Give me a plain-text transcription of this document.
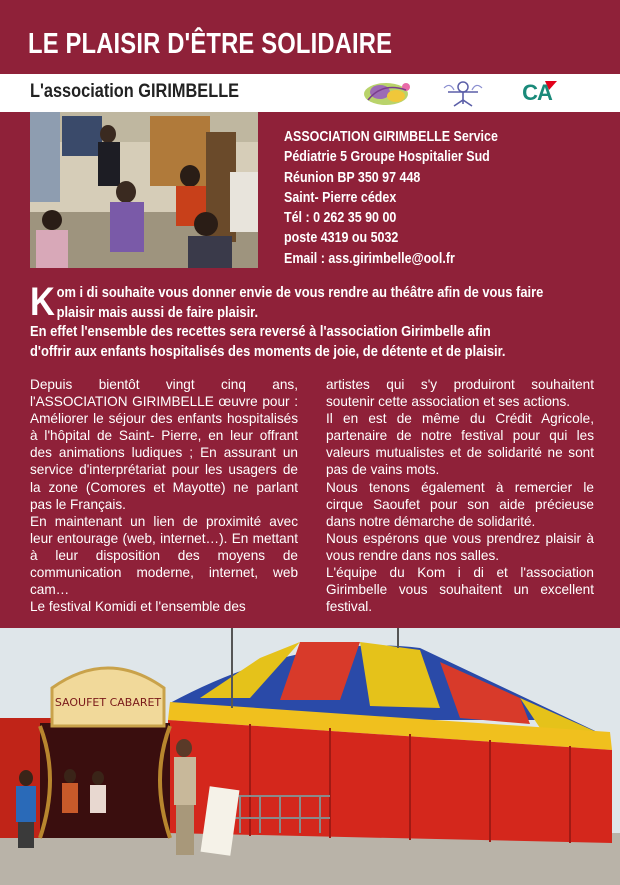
LE PLAISIR D'ÊTRE SOLIDAIRE
L'association GIRIMBELLE	CA
ASSOCIATION GIRIMBELLE Service
Pédiatrie 5 Groupe Hospitalier Sud
Réunion BP 350 97 448
Saint- Pierre cédex
Tél : 0 262 35 90 00
poste 4319 ou 5032
Email : ass.girimbelle@ool.fr
K om i di souhaite vous donner envie de vous rendre au théâtre afin de vous faire
plaisir mais aussi de faire plaisir.
En effet l'ensemble des recettes sera reversé à l'association Girimbelle afin
d'offrir aux enfants hospitalisés des moments de joie, de détente et de plaisir.

Depuis bientôt vingt cinq ans, l'ASSOCIATION GIRIMBELLE œuvre pour : Améliorer le séjour des enfants hospitalisés à l'hôpital de Saint- Pierre, en leur offrant des animations ludiques ; En assurant un service d'interprétariat pour les usagers de la zone (Comores et Mayotte) ne parlant pas le Français.

En maintenant un lien de proximité avec leur entourage (web, internet…). En mettant à leur disposition des moyens de communication moderne, internet, web cam…

Le festival Komidi et l'ensemble des

artistes qui s'y produiront souhaitent soutenir cette association et ses actions.

Il en est de même du Crédit Agricole, partenaire de notre festival pour qui les valeurs mutualistes et de solidarité ne sont pas de vains mots.

Nous tenons également à remercier le cirque Saoufet pour son aide précieuse dans notre démarche de solidarité.

Nous espérons que vous prendrez plaisir à vous rendre dans nos salles.

L'équipe du Kom i di et l'association Girimbelle vous souhaitent un excellent festival.

SAOUFET CABARET
